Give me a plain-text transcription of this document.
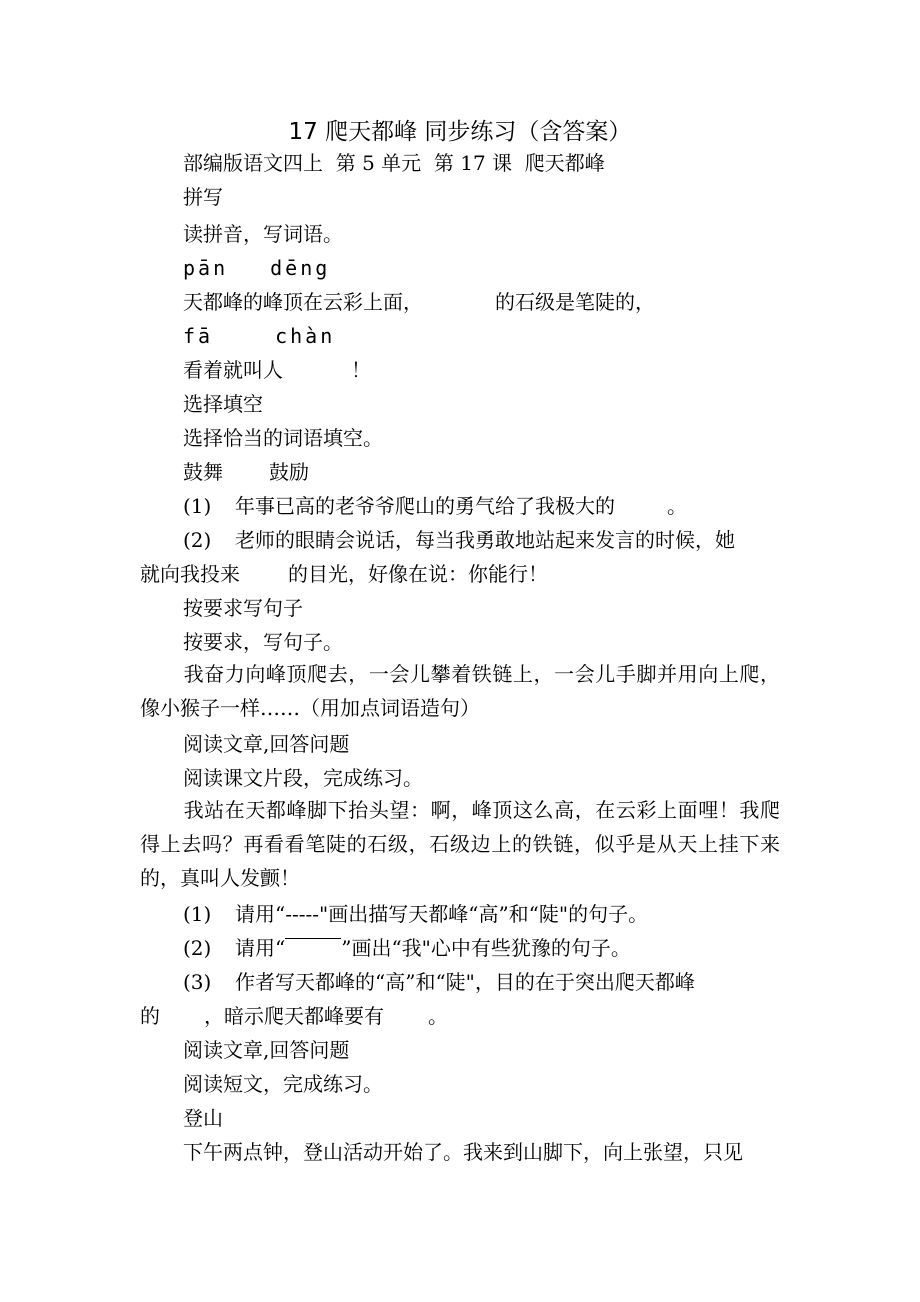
17 爬天都峰 同步练习（含答案）
部编版语文四上  第 5 单元  第 17 课  爬天都峰
拼写
读拼音，写词语。
pān dēng
天都峰的峰顶在云彩上面，	的石级是笔陡的，
fā	chàn
看着就叫人	！
选择填空
选择恰当的词语填空。
鼓舞 鼓励
(1) 年事已高的老爷爷爬山的勇气给了我极大的	。
(2) 老师的眼睛会说话，每当我勇敢地站起来发言的时候，她
就向我投来 的目光，好像在说：你能行！
按要求写句子
按要求，写句子。
我奋力向峰顶爬去，一会儿攀着铁链上，一会儿手脚并用向上爬，像小猴子一样……（用加点词语造句）
阅读文章,回答问题
阅读课文片段，完成练习。
我站在天都峰脚下抬头望：啊，峰顶这么高，在云彩上面哩！我爬得上去吗？再看看笔陡的石级，石级边上的铁链，似乎是从天上挂下来的，真叫人发颤！
(1) 请用“-----"画出描写天都峰“高”和“陡"的句子。
(2) 请用“	”画出“我"心中有些犹豫的句子。
(3) 作者写天都峰的“高”和“陡"，目的在于突出爬天都峰
的 ，暗示爬天都峰要有 。
阅读文章,回答问题
阅读短文，完成练习。
登山
下午两点钟，登山活动开始了。我来到山脚下，向上张望，只见
